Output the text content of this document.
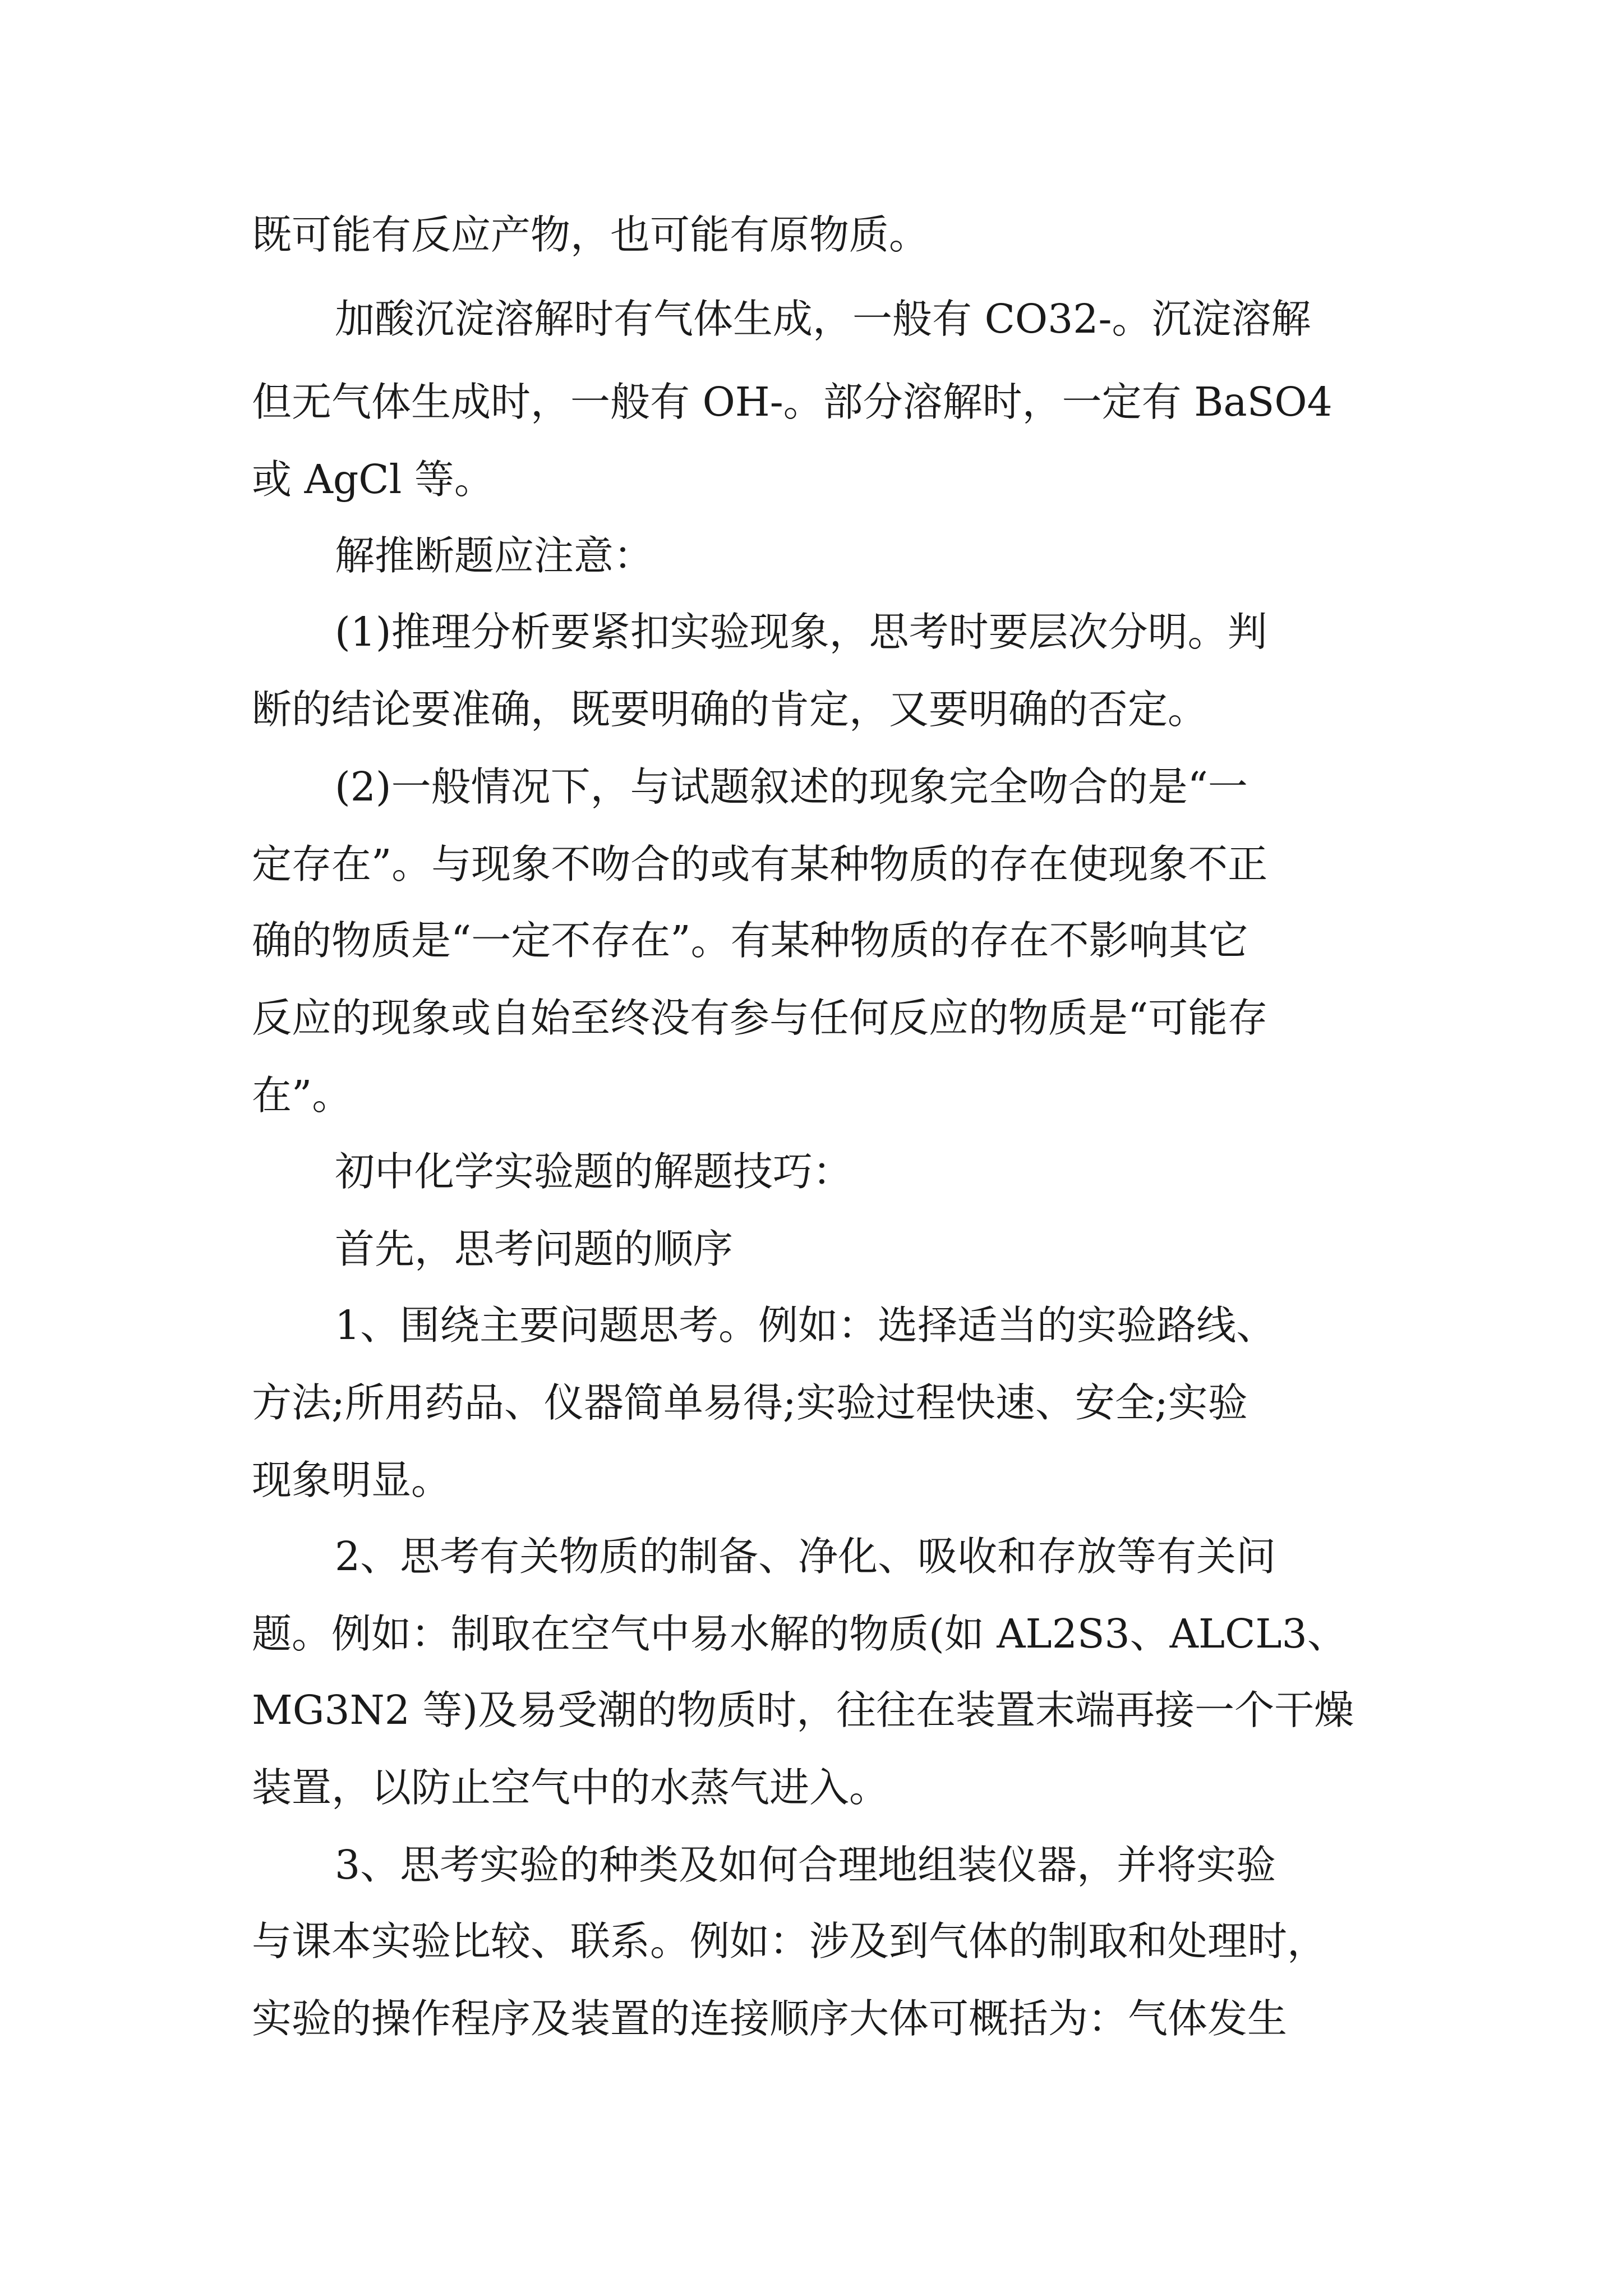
既可能有反应产物，也可能有原物质。
加酸沉淀溶解时有气体生成，一般有 CO32-。沉淀溶解
但无气体生成时，一般有 OH-。部分溶解时，一定有 BaSO4
或 AgCl 等。
解推断题应注意：
(1)推理分析要紧扣实验现象，思考时要层次分明。判
断的结论要准确，既要明确的肯定，又要明确的否定。
(2)一般情况下，与试题叙述的现象完全吻合的是“一
定存在”。与现象不吻合的或有某种物质的存在使现象不正
确的物质是“一定不存在”。有某种物质的存在不影响其它
反应的现象或自始至终没有参与任何反应的物质是“可能存
在”。
初中化学实验题的解题技巧：
首先，思考问题的顺序
1、围绕主要问题思考。例如：选择适当的实验路线、
方法;所用药品、仪器简单易得;实验过程快速、安全;实验
现象明显。
2、思考有关物质的制备、净化、吸收和存放等有关问
题。例如：制取在空气中易水解的物质(如 AL2S3、ALCL3、
MG3N2 等)及易受潮的物质时，往往在装置末端再接一个干燥
装置，以防止空气中的水蒸气进入。
3、思考实验的种类及如何合理地组装仪器，并将实验
与课本实验比较、联系。例如：涉及到气体的制取和处理时，
实验的操作程序及装置的连接顺序大体可概括为：气体发生
